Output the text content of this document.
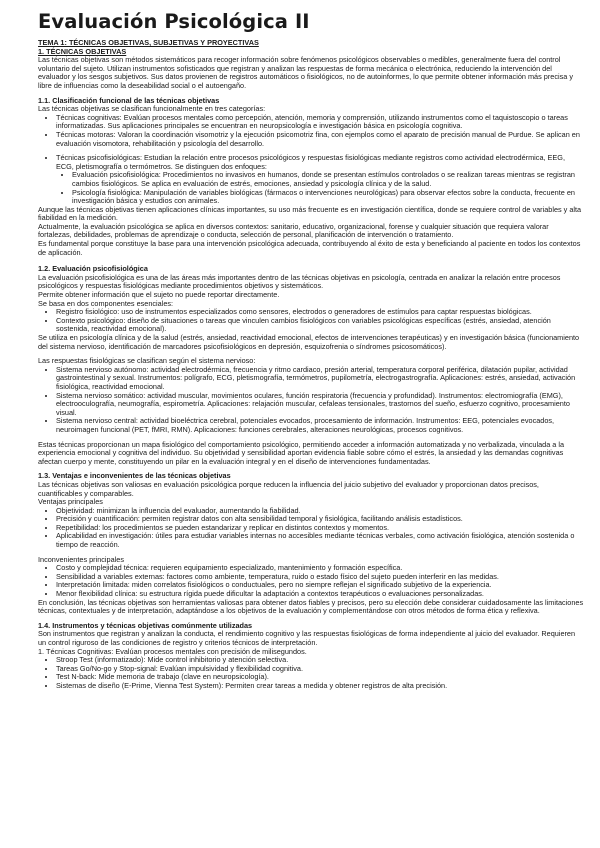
Evaluación Psicológica II
TEMA 1: TÉCNICAS OBJETIVAS, SUBJETIVAS Y PROYECTIVAS
1. TÉCNICAS OBJETIVAS

Las técnicas objetivas son métodos sistemáticos para recoger información sobre fenómenos psicológicos observables o medibles, generalmente fuera del control voluntario del sujeto. Utilizan instrumentos sofisticados que registran y analizan las respuestas de forma mecánica o electrónica, reduciendo la intervención del evaluador y los sesgos subjetivos. Sus datos provienen de registros automáticos o fisiológicos, no de autoinformes, lo que permite obtener información más precisa y libre de influencias como la deseabilidad social o el autoengaño.

1.1. Clasificación funcional de las técnicas objetivas

Las técnicas objetivas se clasifican funcionalmente en tres categorías:

• Técnicas cognitivas: Evalúan procesos mentales como percepción, atención, memoria y comprensión, utilizando instrumentos como el taquistoscopio o tareas informatizadas. Sus aplicaciones principales se encuentran en neuropsicología e investigación básica en psicología cognitiva.
• Técnicas motoras: Valoran la coordinación visomotriz y la ejecución psicomotriz fina, con ejemplos como el aparato de precisión manual de Purdue. Se aplican en evaluación visomotora, rehabilitación y psicología del desarrollo.
• Técnicas psicofisiológicas: Estudian la relación entre procesos psicológicos y respuestas fisiológicas mediante registros como actividad electrodérmica, EEG, ECG, pletismografía o termómetros. Se distinguen dos enfoques:
• Evaluación psicofisiológica: Procedimientos no invasivos en humanos, donde se presentan estímulos controlados o se realizan tareas mientras se registran cambios fisiológicos. Se aplica en evaluación de estrés, emociones, ansiedad y psicología clínica y de la salud.
• Psicología fisiológica: Manipulación de variables biológicas (fármacos o intervenciones neurológicas) para observar efectos sobre la conducta, frecuente en investigación básica y estudios con animales.

Aunque las técnicas objetivas tienen aplicaciones clínicas importantes, su uso más frecuente es en investigación científica, donde se requiere control de variables y alta fiabilidad en la medición.

Actualmente, la evaluación psicológica se aplica en diversos contextos: sanitario, educativo, organizacional, forense y cualquier situación que requiera valorar fortalezas, debilidades, problemas de aprendizaje o conducta, selección de personal, planificación de intervención o tratamiento.

Es fundamental porque constituye la base para una intervención psicológica adecuada, contribuyendo al éxito de esta y beneficiando al paciente en todos los contextos de aplicación.

1.2. Evaluación psicofisiológica

La evaluación psicofisiológica es una de las áreas más importantes dentro de las técnicas objetivas en psicología, centrada en analizar la relación entre procesos psicológicos y respuestas fisiológicas mediante procedimientos objetivos y sistemáticos.

Permite obtener información que el sujeto no puede reportar directamente.

Se basa en dos componentes esenciales:

• Registro fisiológico: uso de instrumentos especializados como sensores, electrodos o generadores de estímulos para captar respuestas biológicas.
• Contexto psicológico: diseño de situaciones o tareas que vinculen cambios fisiológicos con variables psicológicas específicas (estrés, ansiedad, atención sostenida, reactividad emocional).

Se utiliza en psicología clínica y de la salud (estrés, ansiedad, reactividad emocional, efectos de intervenciones terapéuticas) y en investigación básica (funcionamiento del sistema nervioso, identificación de marcadores psicofisiológicos en depresión, esquizofrenia o síndromes psicosomáticos).

Las respuestas fisiológicas se clasifican según el sistema nervioso:

• Sistema nervioso autónomo: actividad electrodérmica, frecuencia y ritmo cardiaco, presión arterial, temperatura corporal periférica, dilatación pupilar, actividad gastrointestinal y sexual. Instrumentos: polígrafo, ECG, pletismografía, termómetros, pupilometría, electrogastrografía. Aplicaciones: estrés, ansiedad, activación fisiológica, reactividad emocional.
• Sistema nervioso somático: actividad muscular, movimientos oculares, función respiratoria (frecuencia y profundidad). Instrumentos: electromiografía (EMG), electrooculografía, neumografía, espirometría. Aplicaciones: relajación muscular, cefaleas tensionales, trastornos del sueño, esfuerzo cognitivo, procesamiento visual.
• Sistema nervioso central: actividad bioeléctrica cerebral, potenciales evocados, procesamiento de información. Instrumentos: EEG, potenciales evocados, neuroimagen funcional (PET, fMRI, RMN). Aplicaciones: funciones cerebrales, alteraciones neurológicas, procesos cognitivos.

Estas técnicas proporcionan un mapa fisiológico del comportamiento psicológico, permitiendo acceder a información automatizada y no verbalizada, vinculada a la experiencia emocional y cognitiva del individuo. Su objetividad y sensibilidad aportan evidencia fiable sobre cómo el estrés, la ansiedad y las demandas cognitivas afectan cuerpo y mente, constituyendo un pilar en la evaluación integral y en el diseño de intervenciones fundamentadas.

1.3. Ventajas e inconvenientes de las técnicas objetivas

Las técnicas objetivas son valiosas en evaluación psicológica porque reducen la influencia del juicio subjetivo del evaluador y proporcionan datos precisos, cuantificables y comparables.

Ventajas principales

• Objetividad: minimizan la influencia del evaluador, aumentando la fiabilidad.
• Precisión y cuantificación: permiten registrar datos con alta sensibilidad temporal y fisiológica, facilitando análisis estadísticos.
• Repetibilidad: los procedimientos se pueden estandarizar y replicar en distintos contextos y momentos.
• Aplicabilidad en investigación: útiles para estudiar variables internas no accesibles mediante técnicas verbales, como activación fisiológica, atención sostenida o tiempo de reacción.

Inconvenientes principales

• Costo y complejidad técnica: requieren equipamiento especializado, mantenimiento y formación específica.
• Sensibilidad a variables externas: factores como ambiente, temperatura, ruido o estado físico del sujeto pueden interferir en las medidas.
• Interpretación limitada: miden correlatos fisiológicos o conductuales, pero no siempre reflejan el significado subjetivo de la experiencia.
• Menor flexibilidad clínica: su estructura rígida puede dificultar la adaptación a contextos terapéuticos o evaluaciones personalizadas.

En conclusión, las técnicas objetivas son herramientas valiosas para obtener datos fiables y precisos, pero su elección debe considerar cuidadosamente las limitaciones técnicas, contextuales y de interpretación, adaptándose a los objetivos de la evaluación y complementándose con otros métodos de forma ética y reflexiva.

1.4. Instrumentos y técnicas objetivas comúnmente utilizadas

Son instrumentos que registran y analizan la conducta, el rendimiento cognitivo y las respuestas fisiológicas de forma independiente al juicio del evaluador. Requieren un control riguroso de las condiciones de registro y criterios técnicos de interpretación.

1. Técnicas Cognitivas: Evalúan procesos mentales con precisión de milisegundos.

• Stroop Test (informatizado): Mide control inhibitorio y atención selectiva.
• Tareas Go/No-go y Stop-signal: Evalúan impulsividad y flexibilidad cognitiva.
• Test N-back: Mide memoria de trabajo (clave en neuropsicología).
• Sistemas de diseño (E-Prime, Vienna Test System): Permiten crear tareas a medida y obtener registros de alta precisión.
